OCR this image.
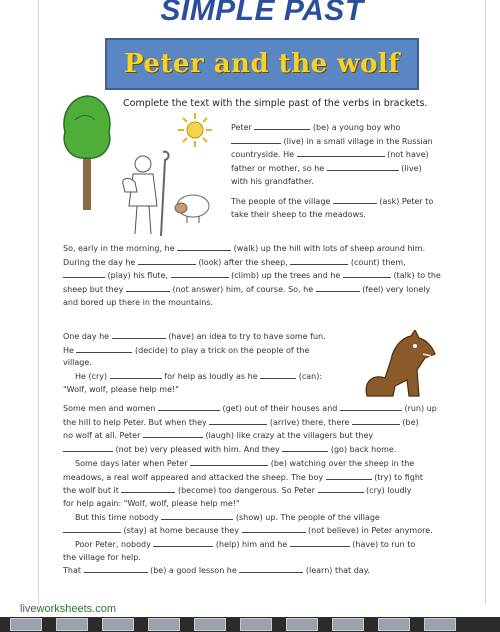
SIMPLE PAST
Peter and the wolf
Complete the text with the simple past of the verbs in brackets.
Peter	(be) a young boy who
(live) in a small village in the Russian
countryside. He	(not have)
father or mother, so he	(live)
with his grandfather.
The people of the village	(ask) Peter to
take their sheep to the meadows.
So, early in the morning, he	(walk) up the hill with lots of sheep around him.
During the day he	(look) after the sheep,	(count) them,
(play) his flute,	(climb) up the trees and he	(talk) to the
sheep but they	(not answer) him, of course. So, he	(feel) very lonely
and bored up there in the mountains.
One day he	(have) an idea to try to have some fun.
He	(decide) to play a trick on the people of the
village.
He (cry)	for help as loudly as he	(can):
"Wolf, wolf, please help me!"
Some men and women	(get) out of their houses and	(run) up
the hill to help Peter. But when they	(arrive) there, there	(be)
no wolf at all. Peter	(laugh) like crazy at the villagers but they
(not be) very pleased with him. And they	(go) back home.
Some days later when Peter	(be) watching over the sheep in the
meadows, a real wolf appeared and attacked the sheep. The boy	(try) to fight
the wolf but it	(become) too dangerous. So Peter	(cry) loudly
for help again: "Wolf, wolf, please help me!"
But this time nobody	(show) up. The people of the village
(stay) at home because they	(not believe) in Peter anymore.
Poor Peter, nobody	(help) him and he	(have) to run to
the village for help.
That	(be) a good lesson he	(learn) that day.
liveworksheets.com
